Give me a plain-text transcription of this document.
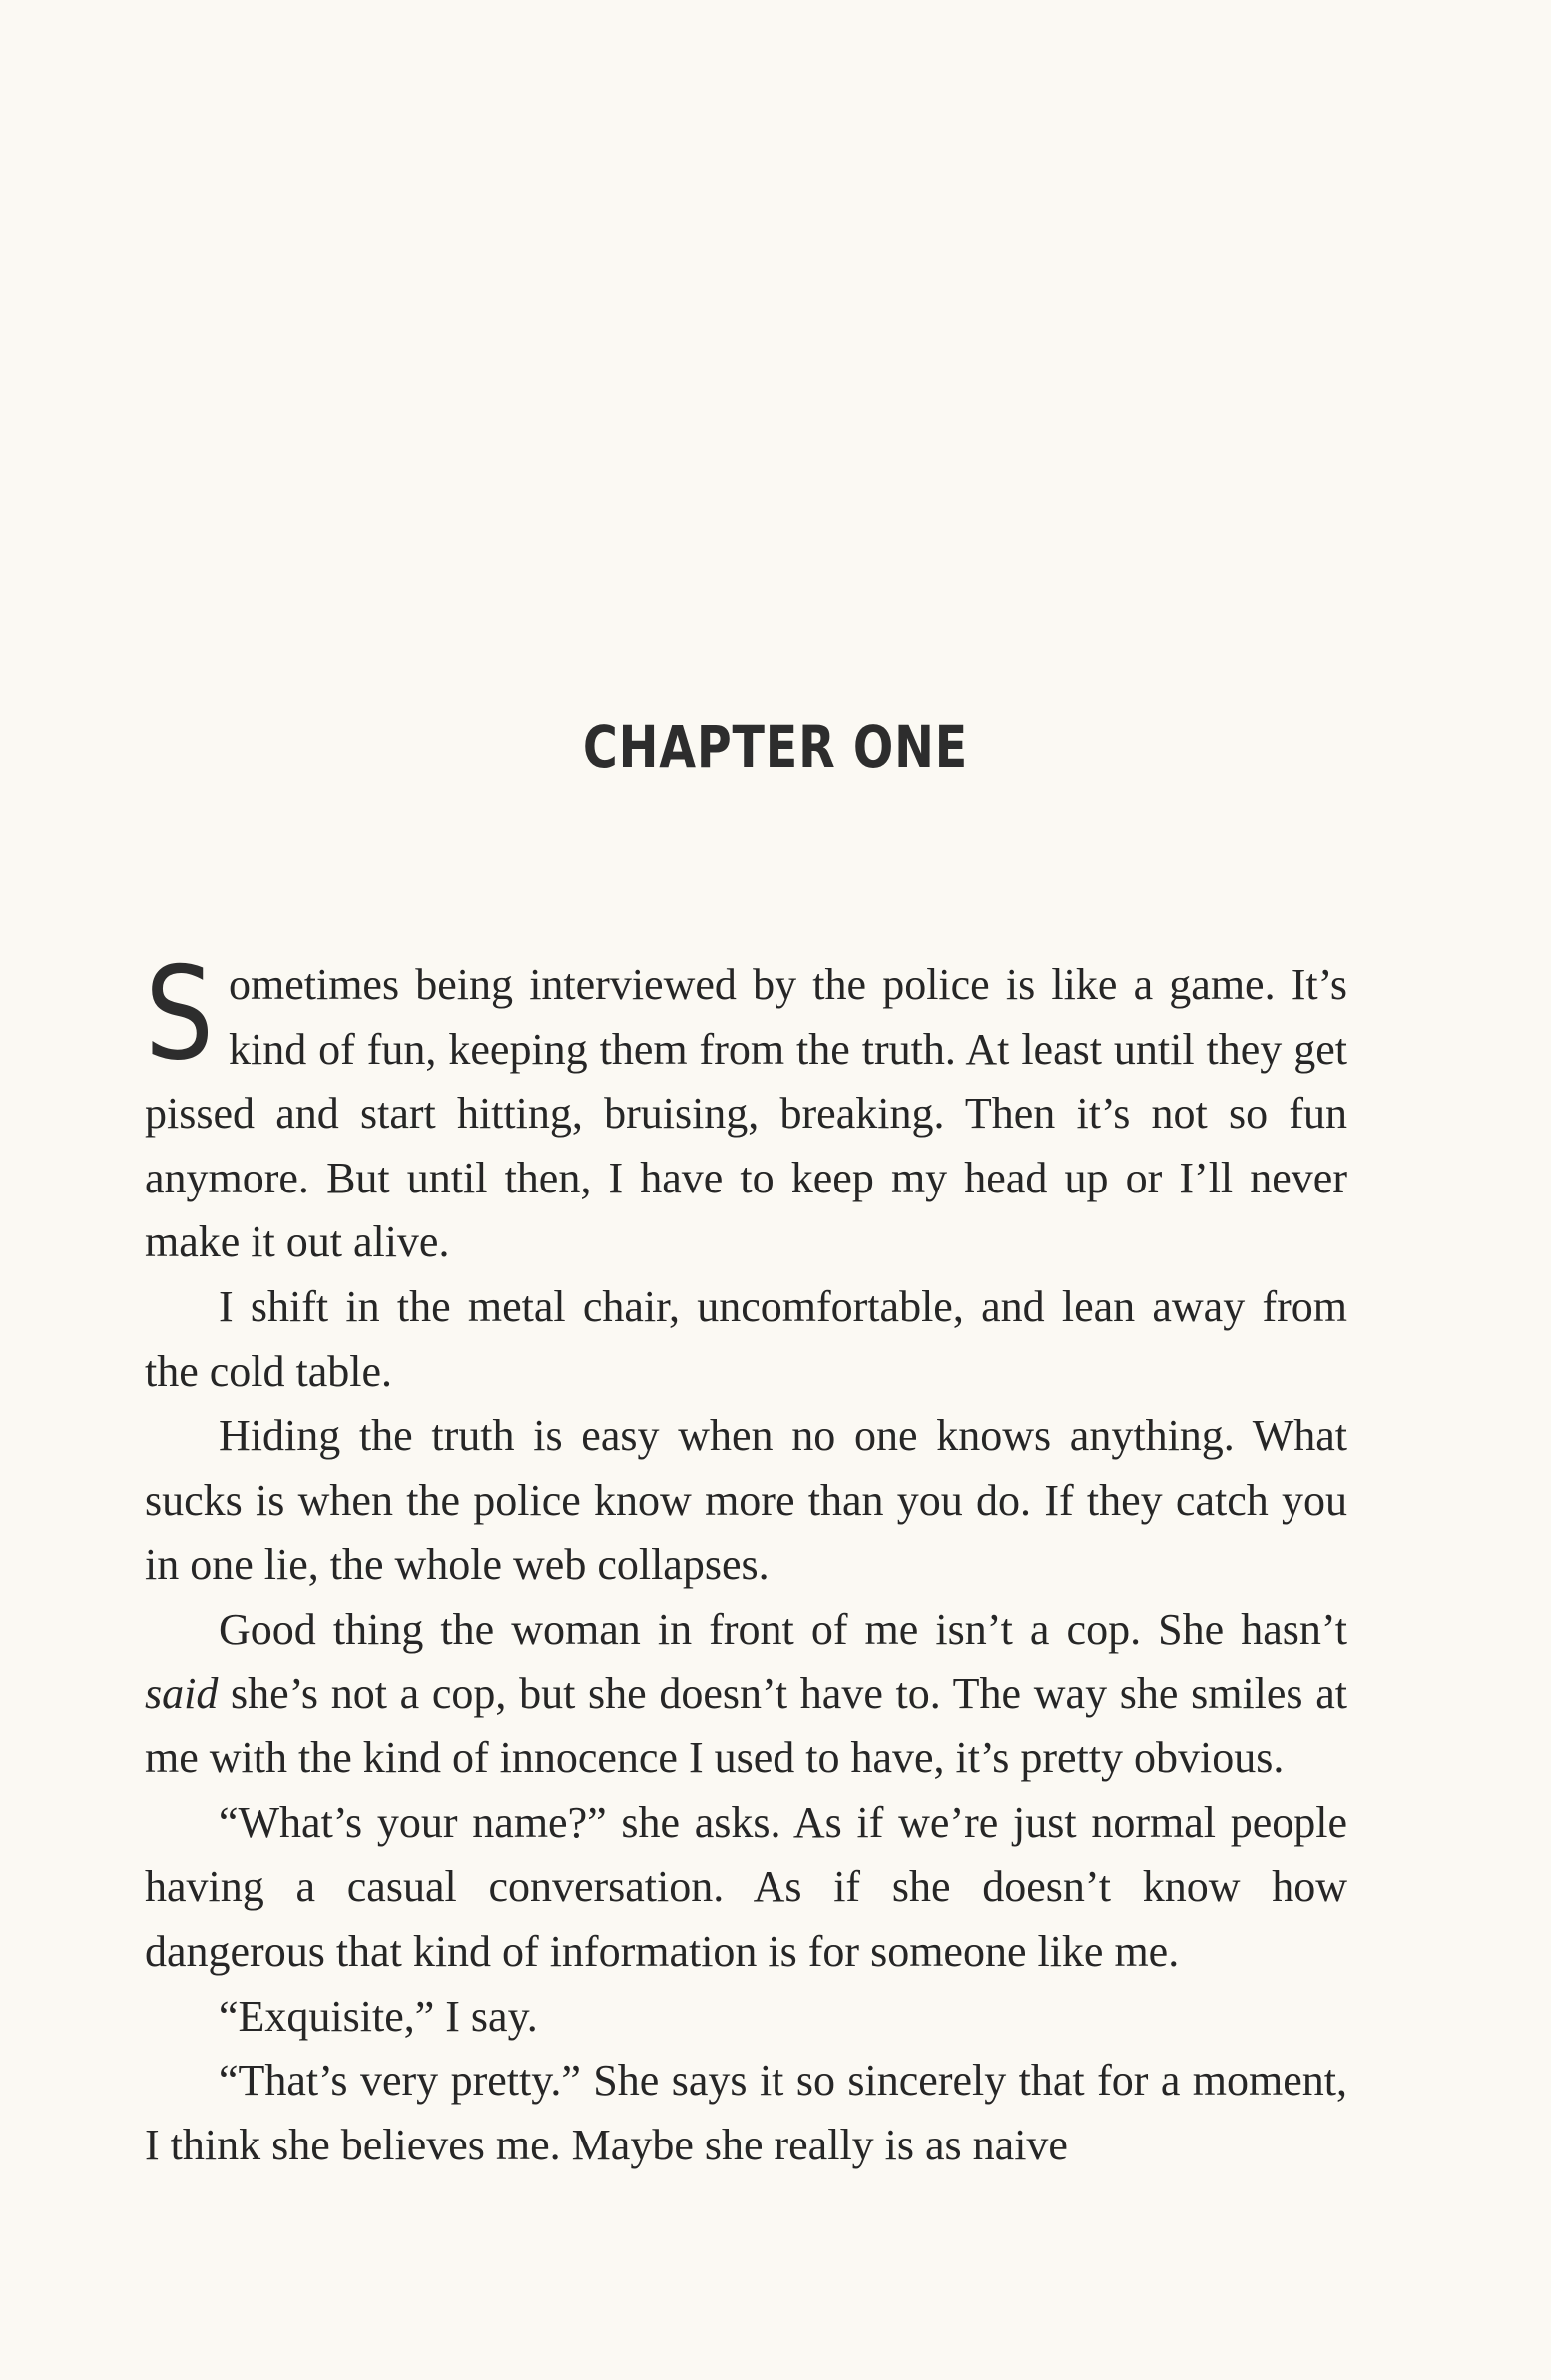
CHAPTER ONE

Sometimes being interviewed by the police is like a game. It’s kind of fun, keeping them from the truth. At least until they get pissed and start hitting, bruising, breaking. Then it’s not so fun anymore. But until then, I have to keep my head up or I’ll never make it out alive.

I shift in the metal chair, uncomfortable, and lean away from the cold table.

Hiding the truth is easy when no one knows anything. What sucks is when the police know more than you do. If they catch you in one lie, the whole web collapses.

Good thing the woman in front of me isn’t a cop. She hasn’t said she’s not a cop, but she doesn’t have to. The way she smiles at me with the kind of innocence I used to have, it’s pretty obvious.

“What’s your name?” she asks. As if we’re just normal people having a casual conversation. As if she doesn’t know how dangerous that kind of information is for someone like me.

“Exquisite,” I say.

“That’s very pretty.” She says it so sincerely that for a moment, I think she believes me. Maybe she really is as naive
